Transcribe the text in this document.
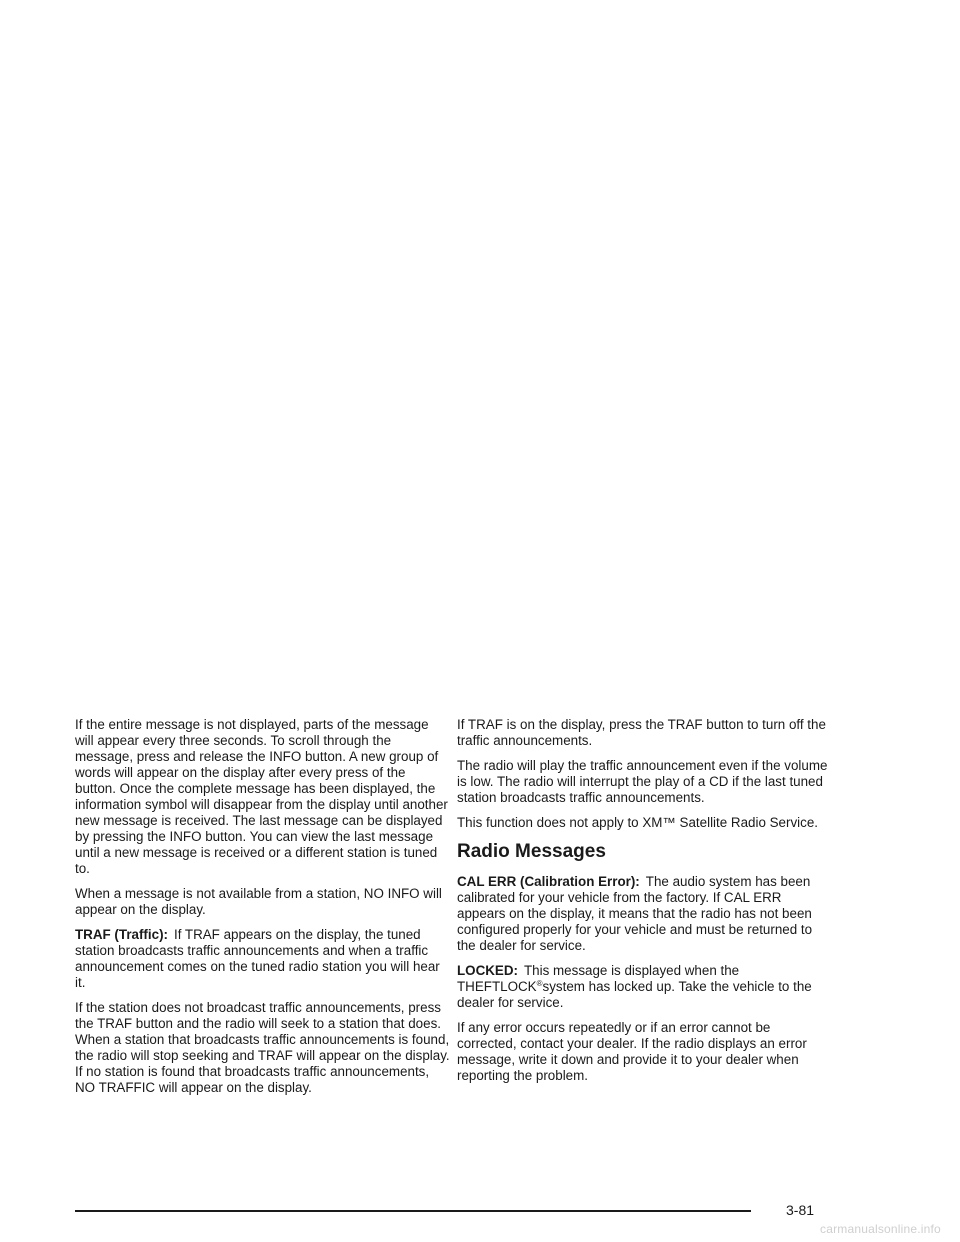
If the entire message is not displayed, parts of the message will appear every three seconds. To scroll through the message, press and release the INFO button. A new group of words will appear on the display after every press of the button. Once the complete message has been displayed, the information symbol will disappear from the display until another new message is received. The last message can be displayed by pressing the INFO button. You can view the last message until a new message is received or a different station is tuned to.

When a message is not available from a station, NO INFO will appear on the display.

TRAF (Traffic): If TRAF appears on the display, the tuned station broadcasts traffic announcements and when a traffic announcement comes on the tuned radio station you will hear it.

If the station does not broadcast traffic announcements, press the TRAF button and the radio will seek to a station that does. When a station that broadcasts traffic announcements is found, the radio will stop seeking and TRAF will appear on the display. If no station is found that broadcasts traffic announcements, NO TRAFFIC will appear on the display.

If TRAF is on the display, press the TRAF button to turn off the traffic announcements.

The radio will play the traffic announcement even if the volume is low. The radio will interrupt the play of a CD if the last tuned station broadcasts traffic announcements.

This function does not apply to XM™ Satellite Radio Service.

Radio Messages

CAL ERR (Calibration Error): The audio system has been calibrated for your vehicle from the factory. If CAL ERR appears on the display, it means that the radio has not been configured properly for your vehicle and must be returned to the dealer for service.

LOCKED: This message is displayed when the THEFTLOCK®system has locked up. Take the vehicle to the dealer for service.

If any error occurs repeatedly or if an error cannot be corrected, contact your dealer. If the radio displays an error message, write it down and provide it to your dealer when reporting the problem.

3-81
carmanualsonline.info
